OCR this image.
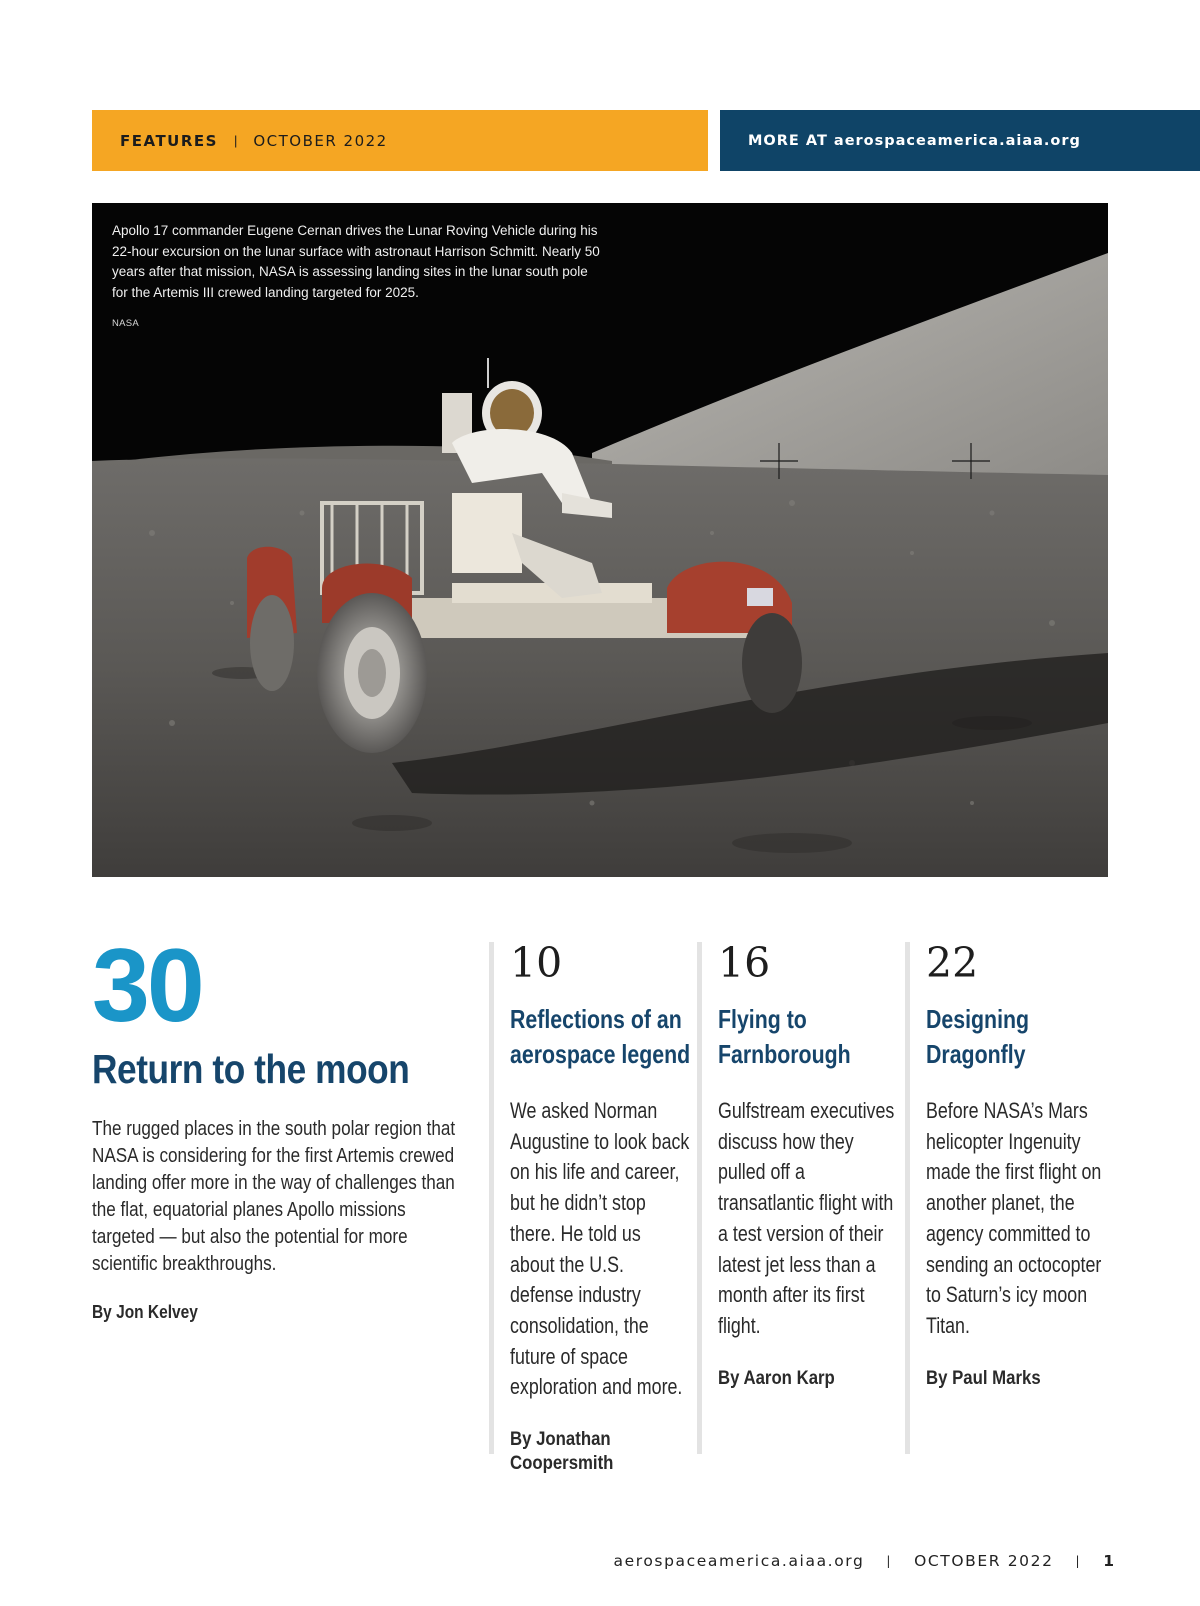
FEATURES | OCTOBER 2022	MORE AT aerospaceamerica.aiaa.org
Apollo 17 commander Eugene Cernan drives the Lunar Roving Vehicle during his 22-hour excursion on the lunar surface with astronaut Harrison Schmitt. Nearly 50 years after that mission, NASA is assessing landing sites in the lunar south pole for the Artemis III crewed landing targeted for 2025.
NASA
30
Return to the moon
The rugged places in the south polar region that NASA is considering for the first Artemis crewed landing offer more in the way of challenges than the flat, equatorial planes Apollo missions targeted — but also the potential for more scientific breakthroughs.
By Jon Kelvey
10
Reflections of an aerospace legend
We asked Norman Augustine to look back on his life and career, but he didn’t stop there. He told us about the U.S. defense industry consolidation, the future of space exploration and more.
By Jonathan Coopersmith
16
Flying to Farnborough
Gulfstream executives discuss how they pulled off a transatlantic flight with a test version of their latest jet less than a month after its first flight.
By Aaron Karp
22
Designing Dragonfly
Before NASA’s Mars helicopter Ingenuity made the first flight on another planet, the agency committed to sending an octocopter to Saturn’s icy moon Titan.
By Paul Marks
aerospaceamerica.aiaa.org | OCTOBER 2022 | 1
